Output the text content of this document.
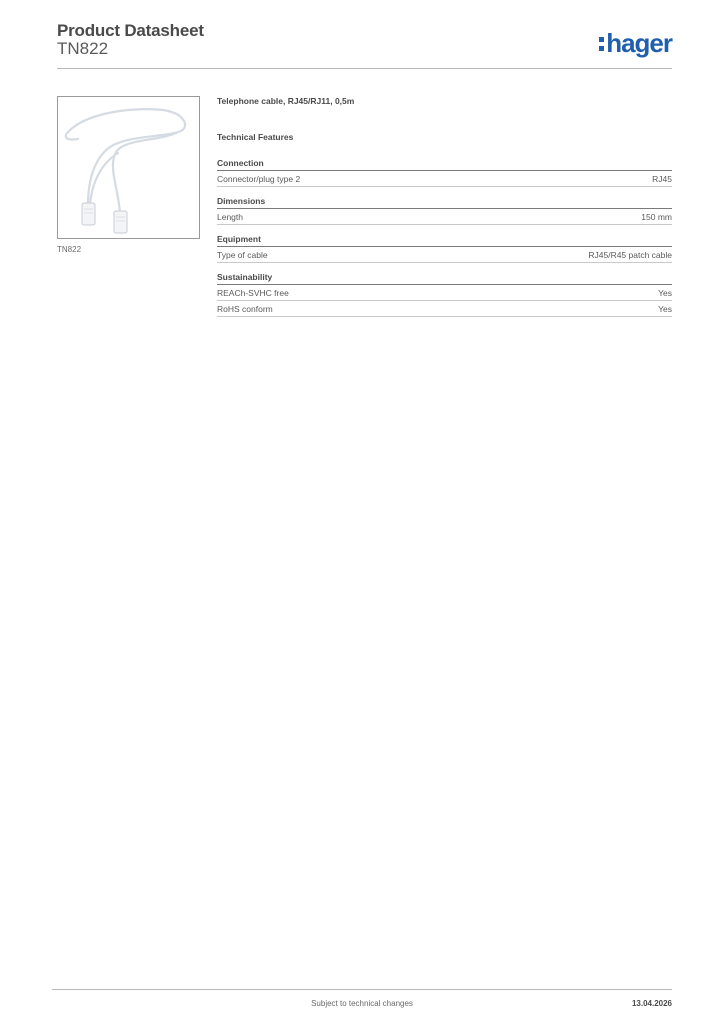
Product Datasheet
TN822	hager
TN822
Telephone cable, RJ45/RJ11, 0,5m
Technical Features
Connection
Connector/plug type 2	RJ45
Dimensions
Length	150 mm
Equipment
Type of cable	RJ45/R45 patch cable
Sustainability
REACh-SVHC free	Yes
RoHS conform	Yes
Subject to technical changes	13.04.2026
